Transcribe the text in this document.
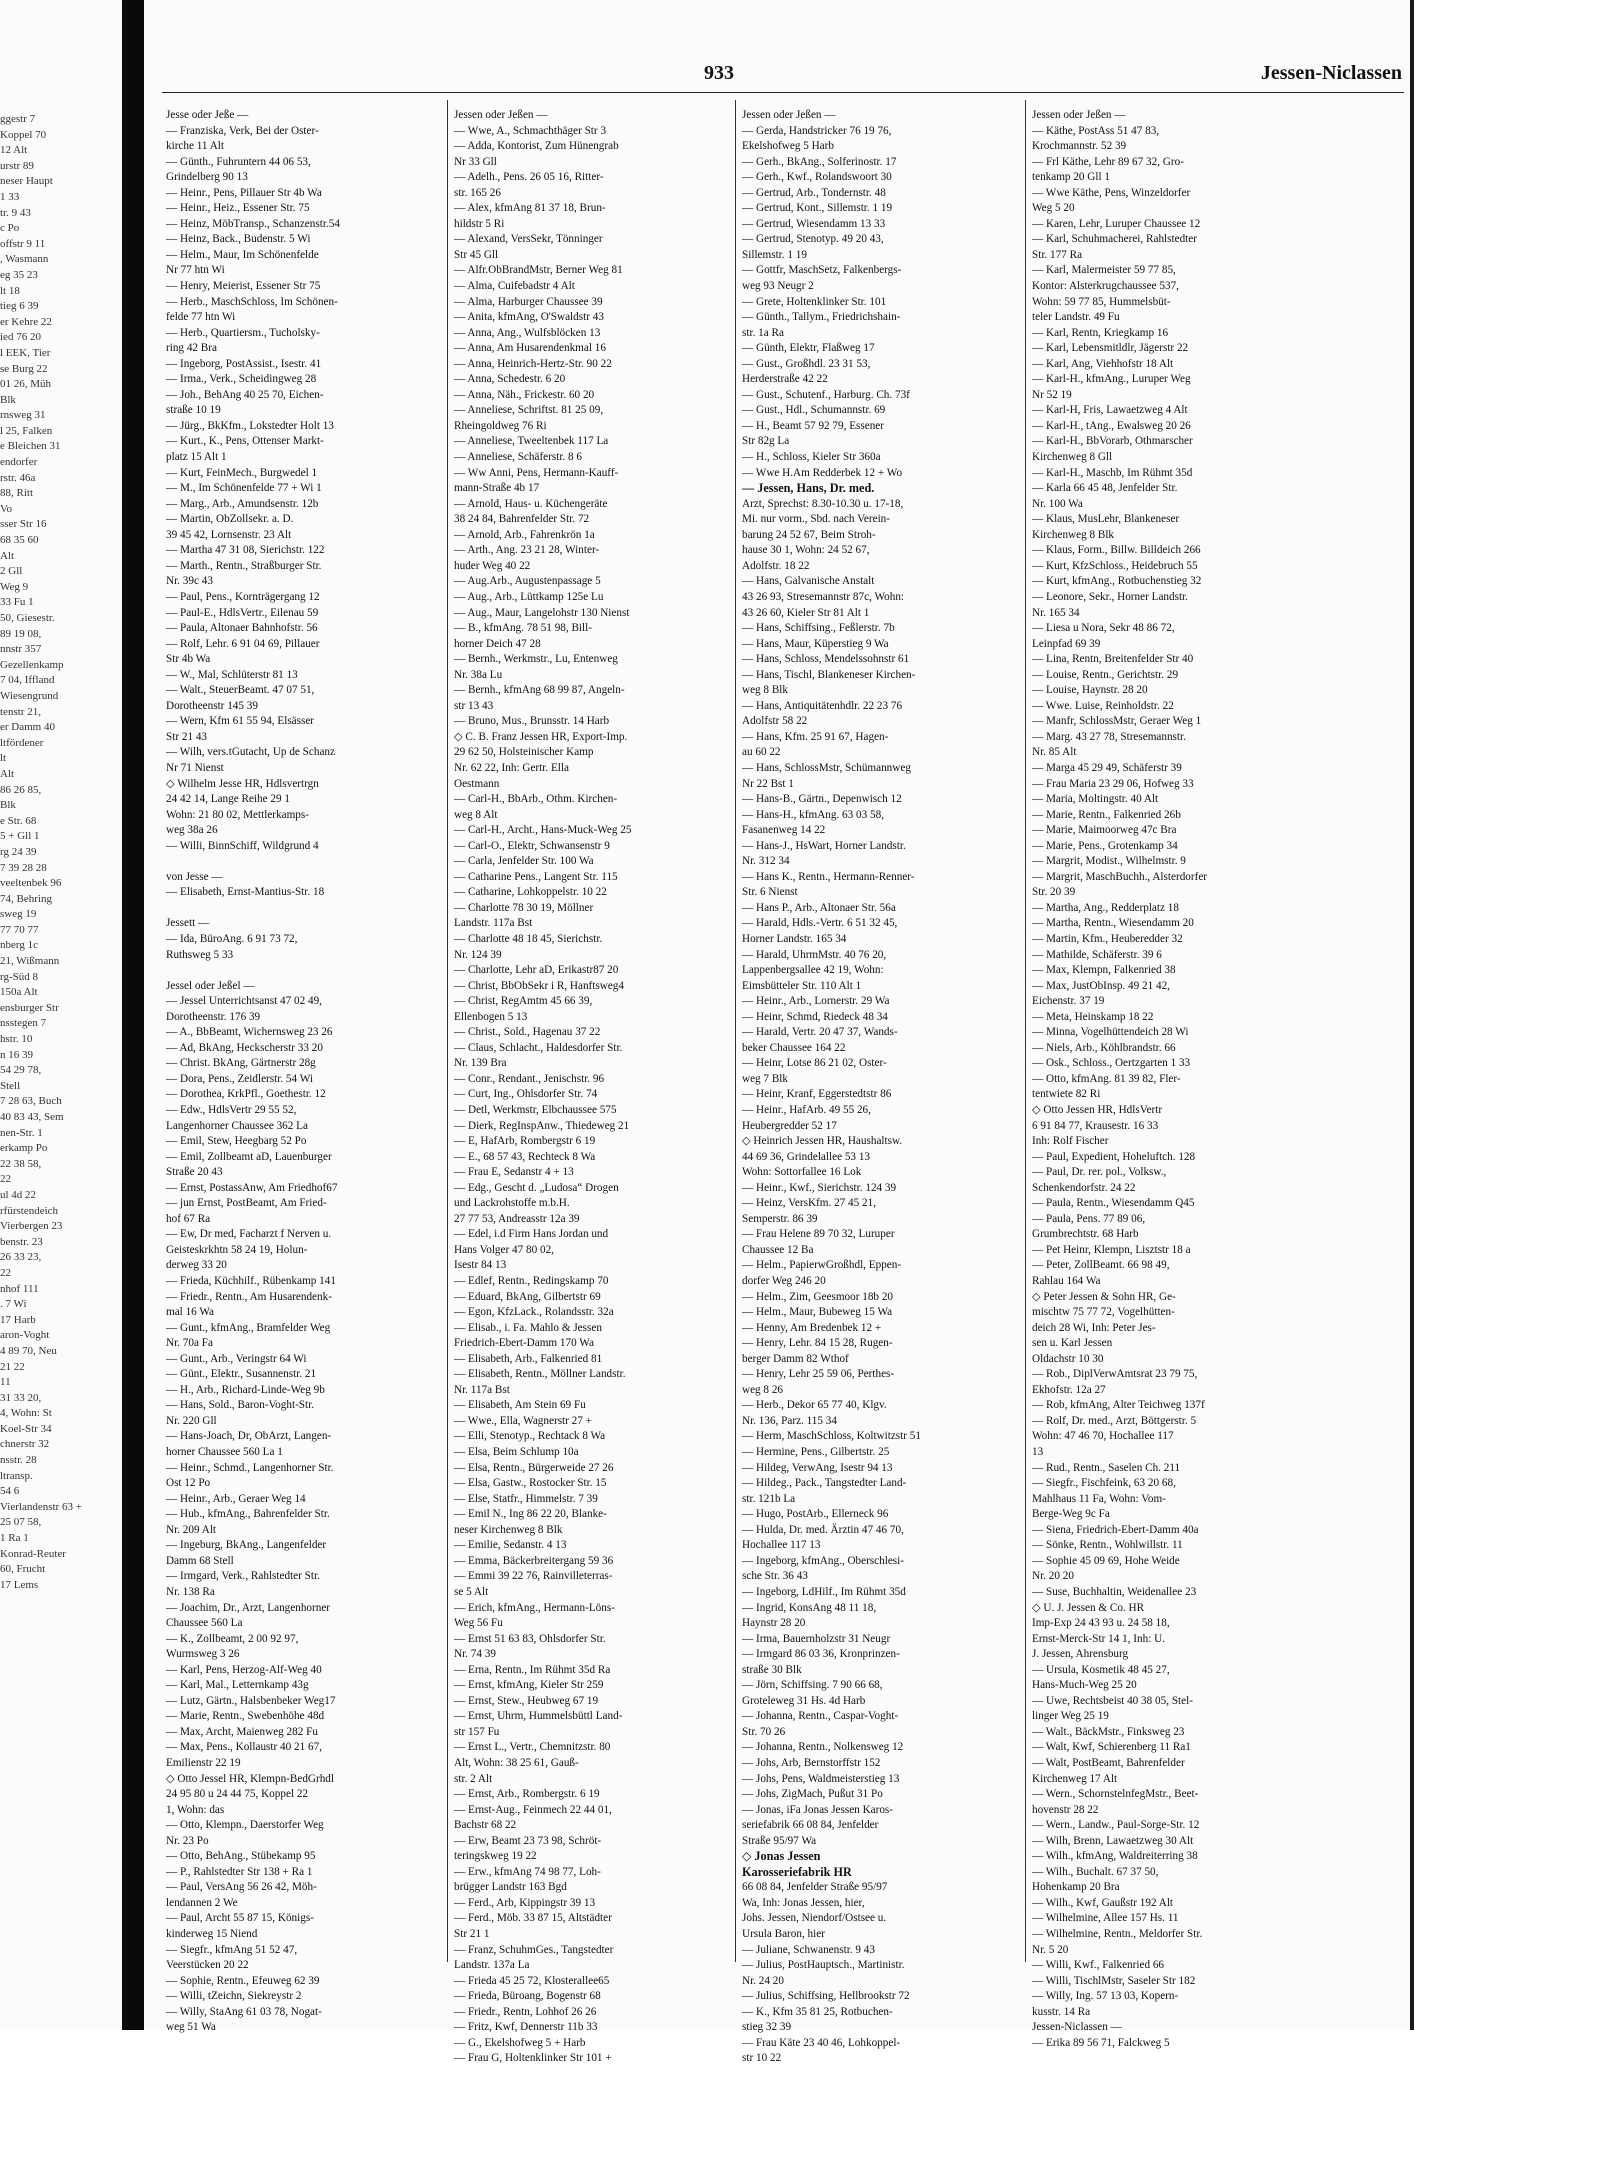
ggestr 7
Koppel 70
12 Alt
urstr 89
neser Haupt
1 33
tr. 9 43
c Po
offstr 9 11
, Wasmann
eg 35 23
lt 18
tieg 6 39
er Kehre 22
ied 76 20
l EEK, Tier
se Burg 22
01 26, Müh
Blk
rnsweg 31
l 25, Falken
e Bleichen 31
endorfer
rstr. 46a
88, Ritt
Vo
sser Str 16
68 35 60
Alt
2 Gll
Weg 9
33 Fu 1
50, Giesestr.
89 19 08,
nnstr 357
Gezellenkamp
7 04, Iffland
Wiesengrund
tenstr 21,
er Damm 40
ltfördener
lt
Alt
86 26 85,
Blk
e Str. 68
5 + Gll 1
rg 24 39
7 39 28 28
veeltenbek 96
74, Behring
sweg 19
77 70 77
nberg 1c
21, Wißmann
rg-Süd 8
150a Alt
ensburger Str
nsstegen 7
hstr. 10
n 16 39
54 29 78,
Stell
7 28 63, Buch
40 83 43, Sem
nen-Str. 1
erkamp Po
22 38 58,
22
ul 4d 22
rfürstendeich
Vierbergen 23
benstr. 23
26 33 23,
22
nhof 111
. 7 Wi
17 Harb
aron-Voght
4 89 70, Neu
21 22
11
31 33 20,
4, Wohn: St
Koel-Str 34
chnerstr 32
nsstr. 28
ltransp.
54 6
Vierlandenstr 63 +
25 07 58,
1 Ra 1
Konrad-Reuter
60, Frucht
17 Lems
933	Jessen-Niclassen
Jesse oder Jeße —
— Franziska, Verk, Bei der Oster-
kirche 11 Alt
— Günth., Fuhruntern 44 06 53,
Grindelberg 90 13
— Heinr., Pens, Pillauer Str 4b Wa
— Heinr., Heiz., Essener Str. 75
— Heinz, MöbTransp., Schanzenstr.54
— Heinz, Back., Budenstr. 5 Wi
— Helm., Maur, Im Schönenfelde
Nr 77 htn Wi
— Henry, Meierist, Essener Str 75
— Herb., MaschSchloss, Im Schönen-
felde 77 htn Wi
— Herb., Quartiersm., Tucholsky-
ring 42 Bra
— Ingeborg, PostAssist., Isestr. 41
— Irma., Verk., Scheidingweg 28
— Joh., BehAng 40 25 70, Eichen-
straße 10 19
— Jürg., BkKfm., Lokstedter Holt 13
— Kurt., K., Pens, Ottenser Markt-
platz 15 Alt 1
— Kurt, FeinMech., Burgwedel 1
— M., Im Schönenfelde 77 + Wi 1
— Marg., Arb., Amundsenstr. 12b
— Martin, ObZollsekr. a. D.
39 45 42, Lornsenstr. 23 Alt
— Martha 47 31 08, Sierichstr. 122
— Marth., Rentn., Straßburger Str.
Nr. 39c 43
— Paul, Pens., Kornträgergang 12
— Paul-E., HdlsVertr., Eilenau 59
— Paula, Altonaer Bahnhofstr. 56
— Rolf, Lehr. 6 91 04 69, Pillauer
Str 4b Wa
— W., Mal, Schlüterstr 81 13
— Walt., SteuerBeamt. 47 07 51,
Dorotheenstr 145 39
— Wern, Kfm 61 55 94, Elsässer
Str 21 43
— Wilh, vers.tGutacht, Up de Schanz
Nr 71 Nienst
◇ Wilhelm Jesse HR, Hdlsvertrgn
24 42 14, Lange Reihe 29 1
Wohn: 21 80 02, Mettlerkamps-
weg 38a 26
— Willi, BinnSchiff, Wildgrund 4
von Jesse —
— Elisabeth, Ernst-Mantius-Str. 18
Jessett —
— Ida, BüroAng. 6 91 73 72,
Ruthsweg 5 33
Jessel oder Jeßel —
— Jessel Unterrichtsanst 47 02 49,
Dorotheenstr. 176 39
— A., BbBeamt, Wichernsweg 23 26
— Ad, BkAng, Heckscherstr 33 20
— Christ. BkAng, Gärtnerstr 28g
— Dora, Pens., Zeidlerstr. 54 Wi
— Dorothea, KrkPfl., Goethestr. 12
— Edw., HdlsVertr 29 55 52,
Langenhorner Chaussee 362 La
— Emil, Stew, Heegbarg 52 Po
— Emil, Zollbeamt aD, Lauenburger
Straße 20 43
— Ernst, PostassAnw, Am Friedhof67
— jun Ernst, PostBeamt, Am Fried-
hof 67 Ra
— Ew, Dr med, Facharzt f Nerven u.
Geisteskrkhtn 58 24 19, Holun-
derweg 33 20
— Frieda, Küchhilf., Rübenkamp 141
— Friedr., Rentn., Am Husarendenk-
mal 16 Wa
— Gunt., kfmAng., Bramfelder Weg
Nr. 70a Fa
— Gunt., Arb., Veringstr 64 Wi
— Günt., Elektr., Susannenstr. 21
— H., Arb., Richard-Linde-Weg 9b
— Hans, Sold., Baron-Voght-Str.
Nr. 220 Gll
— Hans-Joach, Dr, ObArzt, Langen-
horner Chaussee 560 La 1
— Heinr., Schmd., Langenhorner Str.
Ost 12 Po
— Heinr., Arb., Geraer Weg 14
— Hub., kfmAng., Bahrenfelder Str.
Nr. 209 Alt
— Ingeburg, BkAng., Langenfelder
Damm 68 Stell
— Irmgard, Verk., Rahlstedter Str.
Nr. 138 Ra
— Joachim, Dr., Arzt, Langenhorner
Chaussee 560 La
— K., Zollbeamt, 2 00 92 97,
Wurmsweg 3 26
— Karl, Pens, Herzog-Alf-Weg 40
— Karl, Mal., Letternkamp 43g
— Lutz, Gärtn., Halsbenbeker Weg17
— Marie, Rentn., Swebenhöhe 48d
— Max, Archt, Maienweg 282 Fu
— Max, Pens., Kollaustr 40 21 67,
Emilienstr 22 19
◇ Otto Jessel HR, Klempn-BedGrhdl
24 95 80 u 24 44 75, Koppel 22
1, Wohn: das
— Otto, Klempn., Daerstorfer Weg
Nr. 23 Po
— Otto, BehAng., Stübekamp 95
— P., Rahlstedter Str 138 + Ra 1
— Paul, VersAng 56 26 42, Möh-
lendannen 2 We
— Paul, Archt 55 87 15, Königs-
kinderweg 15 Niend
— Siegfr., kfmAng 51 52 47,
Veerstücken 20 22
— Sophie, Rentn., Efeuweg 62 39
— Willi, tZeichn, Siekreystr 2
— Willy, StaAng 61 03 78, Nogat-
weg 51 Wa
Jessen oder Jeßen —
— Wwe, A., Schmachthäger Str 3
— Adda, Kontorist, Zum Hünengrab
Nr 33 Gll
— Adelh., Pens. 26 05 16, Ritter-
str. 165 26
— Alex, kfmAng 81 37 18, Brun-
hildstr 5 Ri
— Alexand, VersSekr, Tönninger
Str 45 Gll
— Alfr.ObBrandMstr, Berner Weg 81
— Alma, Cuifebadstr 4 Alt
— Alma, Harburger Chaussee 39
— Anita, kfmAng, O'Swaldstr 43
— Anna, Ang., Wulfsblöcken 13
— Anna, Am Husarendenkmal 16
— Anna, Heinrich-Hertz-Str. 90 22
— Anna, Schedestr. 6 20
— Anna, Näh., Frickestr. 60 20
— Anneliese, Schriftst. 81 25 09,
Rheingoldweg 76 Ri
— Anneliese, Tweeltenbek 117 La
— Anneliese, Schäferstr. 8 6
— Ww Anni, Pens, Hermann-Kauff-
mann-Straße 4b 17
— Arnold, Haus- u. Küchengeräte
38 24 84, Bahrenfelder Str. 72
— Arnold, Arb., Fahrenkrön 1a
— Arth., Ang. 23 21 28, Winter-
huder Weg 40 22
— Aug.Arb., Augustenpassage 5
— Aug., Arb., Lüttkamp 125e Lu
— Aug., Maur, Langelohstr 130 Nienst
— B., kfmAng. 78 51 98, Bill-
horner Deich 47 28
— Bernh., Werkmstr., Lu, Entenweg
Nr. 38a Lu
— Bernh., kfmAng 68 99 87, Angeln-
str 13 43
— Bruno, Mus., Brunsstr. 14 Harb
◇ C. B. Franz Jessen HR, Export-Imp.
29 62 50, Holsteinischer Kamp
Nr. 62 22, Inh: Gertr. Ella
Oestmann
— Carl-H., BbArb., Othm. Kirchen-
weg 8 Alt
— Carl-H., Archt., Hans-Muck-Weg 25
— Carl-O., Elektr, Schwansenstr 9
— Carla, Jenfelder Str. 100 Wa
— Catharine Pens., Langent Str. 115
— Catharine, Lohkoppelstr. 10 22
— Charlotte 78 30 19, Möllner
Landstr. 117a Bst
— Charlotte 48 18 45, Sierichstr.
Nr. 124 39
— Charlotte, Lehr aD, Erikastr87 20
— Christ, BbObSekr i R, Hanftsweg4
— Christ, RegAmtm 45 66 39,
Ellenbogen 5 13
— Christ., Sold., Hagenau 37 22
— Claus, Schlacht., Haldesdorfer Str.
Nr. 139 Bra
— Conr., Rendant., Jenischstr. 96
— Curt, Ing., Ohlsdorfer Str. 74
— Detl, Werkmstr, Elbchaussee 575
— Dierk, RegInspAnw., Thiedeweg 21
— E, HafArb, Rombergstr 6 19
— E., 68 57 43, Rechteck 8 Wa
— Frau E, Sedanstr 4 + 13
— Edg., Gescht d. „Ludosa“ Drogen
und Lackrohstoffe m.b.H.
27 77 53, Andreasstr 12a 39
— Edel, i.d Firm Hans Jordan und
Hans Volger 47 80 02,
Isestr 84 13
— Edlef, Rentn., Redingskamp 70
— Eduard, BkAng, Gilbertstr 69
— Egon, KfzLack., Rolandsstr. 32a
— Elisab., i. Fa. Mahlo & Jessen
Friedrich-Ebert-Damm 170 Wa
— Elisabeth, Arb., Falkenried 81
— Elisabeth, Rentn., Möllner Landstr.
Nr. 117a Bst
— Elisabeth, Am Stein 69 Fu
— Wwe., Ella, Wagnerstr 27 +
— Elli, Stenotyp., Rechtack 8 Wa
— Elsa, Beim Schlump 10a
— Elsa, Rentn., Bürgerweide 27 26
— Elsa, Gastw., Rostocker Str. 15
— Else, Statfr., Himmelstr. 7 39
— Emil N., Ing 86 22 20, Blanke-
neser Kirchenweg 8 Blk
— Emilie, Sedanstr. 4 13
— Emma, Bäckerbreitergang 59 36
— Emmi 39 22 76, Rainvilleterras-
se 5 Alt
— Erich, kfmAng., Hermann-Löns-
Weg 56 Fu
— Ernst 51 63 83, Ohlsdorfer Str.
Nr. 74 39
— Erna, Rentn., Im Rühmt 35d Ra
— Ernst, kfmAng, Kieler Str 259
— Ernst, Stew., Heubweg 67 19
— Ernst, Uhrm, Hummelsbüttl Land-
str 157 Fu
— Ernst L., Vertr., Chemnitzstr. 80
Alt, Wohn: 38 25 61, Gauß-
str. 2 Alt
— Ernst, Arb., Rombergstr. 6 19
— Ernst-Aug., Feinmech 22 44 01,
Bachstr 68 22
— Erw, Beamt 23 73 98, Schröt-
teringskweg 19 22
— Erw., kfmAng 74 98 77, Loh-
brügger Landstr 163 Bgd
— Ferd., Arb, Kippingstr 39 13
— Ferd., Möb. 33 87 15, Altstädter
Str 21 1
— Franz, SchuhmGes., Tangstedter
Landstr. 137a La
— Frieda 45 25 72, Klosterallee65
— Frieda, Büroang, Bogenstr 68
— Friedr., Rentn, Lohhof 26 26
— Fritz, Kwf, Dennerstr 11b 33
— G., Ekelshofweg 5 + Harb
— Frau G, Holtenklinker Str 101 +
Jessen oder Jeßen —
— Gerda, Handstricker 76 19 76,
Ekelshofweg 5 Harb
— Gerh., BkAng., Solferinostr. 17
— Gerh., Kwf., Rolandswoort 30
— Gertrud, Arb., Tondernstr. 48
— Gertrud, Kont., Sillemstr. 1 19
— Gertrud, Wiesendamm 13 33
— Gertrud, Stenotyp. 49 20 43,
Sillemstr. 1 19
— Gottfr, MaschSetz, Falkenbergs-
weg 93 Neugr 2
— Grete, Holtenklinker Str. 101
— Günth., Tallym., Friedrichshain-
str. 1a Ra
— Günth, Elektr, Flaßweg 17
— Gust., Großhdl. 23 31 53,
Herderstraße 42 22
— Gust., Schutenf., Harburg. Ch. 73f
— Gust., Hdl., Schumannstr. 69
— H., Beamt 57 92 79, Essener
Str 82g La
— H., Schloss, Kieler Str 360a
— Wwe H.Am Redderbek 12 + Wo
— Jessen, Hans, Dr. med.
Arzt, Sprechst: 8.30-10.30 u. 17-18,
Mi. nur vorm., Sbd. nach Verein-
barung 24 52 67, Beim Stroh-
hause 30 1, Wohn: 24 52 67,
Adolfstr. 18 22
— Hans, Galvanische Anstalt
43 26 93, Stresemannstr 87c, Wohn:
43 26 60, Kieler Str 81 Alt 1
— Hans, Schiffsing., Feßlerstr. 7b
— Hans, Maur, Küperstieg 9 Wa
— Hans, Schloss, Mendelssohnstr 61
— Hans, Tischl, Blankeneser Kirchen-
weg 8 Blk
— Hans, Antiquitätenhdlr. 22 23 76
Adolfstr 58 22
— Hans, Kfm. 25 91 67, Hagen-
au 60 22
— Hans, SchlossMstr, Schümannweg
Nr 22 Bst 1
— Hans-B., Gärtn., Depenwisch 12
— Hans-H., kfmAng. 63 03 58,
Fasanenweg 14 22
— Hans-J., HsWart, Horner Landstr.
Nr. 312 34
— Hans K., Rentn., Hermann-Renner-
Str. 6 Nienst
— Hans P., Arb., Altonaer Str. 56a
— Harald, Hdls.-Vertr. 6 51 32 45,
Horner Landstr. 165 34
— Harald, UhrmMstr. 40 76 20,
Lappenbergsallee 42 19, Wohn:
Eimsbütteler Str. 110 Alt 1
— Heinr., Arb., Lornerstr. 29 Wa
— Heinr, Schmd, Riedeck 48 34
— Harald, Vertr. 20 47 37, Wands-
beker Chaussee 164 22
— Heinr, Lotse 86 21 02, Oster-
weg 7 Blk
— Heinr, Kranf, Eggerstedtstr 86
— Heinr., HafArb. 49 55 26,
Heubergredder 52 17
◇ Heinrich Jessen HR, Haushaltsw.
44 69 36, Grindelallee 53 13
Wohn: Sottorfallee 16 Lok
— Heinr., Kwf., Sierichstr. 124 39
— Heinz, VersKfm. 27 45 21,
Semperstr. 86 39
— Frau Helene 89 70 32, Luruper
Chaussee 12 Ba
— Helm., PapierwGroßhdl, Eppen-
dorfer Weg 246 20
— Helm., Zim, Geesmoor 18b 20
— Helm., Maur, Bubeweg 15 Wa
— Henny, Am Bredenbek 12 +
— Henry, Lehr. 84 15 28, Rugen-
berger Damm 82 Wthof
— Henry, Lehr 25 59 06, Perthes-
weg 8 26
— Herb., Dekor 65 77 40, Klgv.
Nr. 136, Parz. 115 34
— Herm, MaschSchloss, Koltwitzstr 51
— Hermine, Pens., Gilbertstr. 25
— Hildeg, VerwAng, Isestr 94 13
— Hildeg., Pack., Tangstedter Land-
str. 121b La
— Hugo, PostArb., Ellerneck 96
— Hulda, Dr. med. Ärztin 47 46 70,
Hochallee 117 13
— Ingeborg, kfmAng., Oberschlesi-
sche Str. 36 43
— Ingeborg, LdHilf., Im Rühmt 35d
— Ingrid, KonsAng 48 11 18,
Haynstr 28 20
— Irma, Bauernholzstr 31 Neugr
— Irmgard 86 03 36, Kronprinzen-
straße 30 Blk
— Jörn, Schiffsing. 7 90 66 68,
Groteleweg 31 Hs. 4d Harb
— Johanna, Rentn., Caspar-Voght-
Str. 70 26
— Johanna, Rentn., Nolkensweg 12
— Johs, Arb, Bernstorffstr 152
— Johs, Pens, Waldmeisterstieg 13
— Johs, ZigMach, Pußut 31 Po
— Jonas, iFa Jonas Jessen Karos-
seriefabrik 66 08 84, Jenfelder
Straße 95/97 Wa
◇ Jonas Jessen
Karosseriefabrik HR
66 08 84, Jenfelder Straße 95/97
Wa, Inh: Jonas Jessen, hier,
Johs. Jessen, Niendorf/Ostsee u.
Ursula Baron, hier
— Juliane, Schwanenstr. 9 43
— Julius, PostHauptsch., Martinistr.
Nr. 24 20
— Julius, Schiffsing, Hellbrookstr 72
— K., Kfm 35 81 25, Rotbuchen-
stieg 32 39
— Frau Käte 23 40 46, Lohkoppel-
str 10 22
Jessen oder Jeßen —
— Käthe, PostAss 51 47 83,
Krochmannstr. 52 39
— Frl Käthe, Lehr 89 67 32, Gro-
tenkamp 20 Gll 1
— Wwe Käthe, Pens, Winzeldorfer
Weg 5 20
— Karen, Lehr, Luruper Chaussee 12
— Karl, Schuhmacherei, Rahlstedter
Str. 177 Ra
— Karl, Malermeister 59 77 85,
Kontor: Alsterkrugchaussee 537,
Wohn: 59 77 85, Hummelsbüt-
teler Landstr. 49 Fu
— Karl, Rentn, Kriegkamp 16
— Karl, Lebensmitldlr, Jägerstr 22
— Karl, Ang, Viehhofstr 18 Alt
— Karl-H., kfmAng., Luruper Weg
Nr 52 19
— Karl-H, Fris, Lawaetzweg 4 Alt
— Karl-H., tAng., Ewalsweg 20 26
— Karl-H., BbVorarb, Othmarscher
Kirchenweg 8 Gll
— Karl-H., Maschb, Im Rühmt 35d
— Karla 66 45 48, Jenfelder Str.
Nr. 100 Wa
— Klaus, MusLehr, Blankeneser
Kirchenweg 8 Blk
— Klaus, Form., Billw. Billdeich 266
— Kurt, KfzSchloss., Heidebruch 55
— Kurt, kfmAng., Rotbuchenstieg 32
— Leonore, Sekr., Horner Landstr.
Nr. 165 34
— Liesa u Nora, Sekr 48 86 72,
Leinpfad 69 39
— Lina, Rentn, Breitenfelder Str 40
— Louise, Rentn., Gerichtstr. 29
— Louise, Haynstr. 28 20
— Wwe. Luise, Reinholdstr. 22
— Manfr, SchlossMstr, Geraer Weg 1
— Marg. 43 27 78, Stresemannstr.
Nr. 85 Alt
— Marga 45 29 49, Schäferstr 39
— Frau Maria 23 29 06, Hofweg 33
— Maria, Moltingstr. 40 Alt
— Marie, Rentn., Falkenried 26b
— Marie, Maimoorweg 47c Bra
— Marie, Pens., Grotenkamp 34
— Margrit, Modist., Wilhelmstr. 9
— Margrit, MaschBuchh., Alsterdorfer
Str. 20 39
— Martha, Ang., Redderplatz 18
— Martha, Rentn., Wiesendamm 20
— Martin, Kfm., Heuberedder 32
— Mathilde, Schäferstr. 39 6
— Max, Klempn, Falkenried 38
— Max, JustObInsp. 49 21 42,
Eichenstr. 37 19
— Meta, Heinskamp 18 22
— Minna, Vogelhüttendeich 28 Wi
— Niels, Arb., Köhlbrandstr. 66
— Osk., Schloss., Oertzgarten 1 33
— Otto, kfmAng. 81 39 82, Fler-
tentwiete 82 Ri
◇ Otto Jessen HR, HdlsVertr
6 91 84 77, Krausestr. 16 33
Inh: Rolf Fischer
— Paul, Expedient, Hoheluftch. 128
— Paul, Dr. rer. pol., Volksw.,
Schenkendorfstr. 24 22
— Paula, Rentn., Wiesendamm Q45
— Paula, Pens. 77 89 06,
Grumbrechtstr. 68 Harb
— Pet Heinr, Klempn, Lisztstr 18 a
— Peter, ZollBeamt. 66 98 49,
Rahlau 164 Wa
◇ Peter Jessen & Sohn HR, Ge-
mischtw 75 77 72, Vogelhütten-
deich 28 Wi, Inh: Peter Jes-
sen u. Karl Jessen
Oldachstr 10 30
— Rob., DiplVerwAmtsrat 23 79 75,
Ekhofstr. 12a 27
— Rob, kfmAng, Alter Teichweg 137f
— Rolf, Dr. med., Arzt, Böttgerstr. 5
Wohn: 47 46 70, Hochallee 117
13
— Rud., Rentn., Saselen Ch. 211
— Siegfr., Fischfeink, 63 20 68,
Mahlhaus 11 Fa, Wohn: Vom-
Berge-Weg 9c Fa
— Siena, Friedrich-Ebert-Damm 40a
— Sönke, Rentn., Wohlwillstr. 11
— Sophie 45 09 69, Hohe Weide
Nr. 20 20
— Suse, Buchhaltin, Weidenallee 23
◇ U. J. Jessen & Co. HR
Imp-Exp 24 43 93 u. 24 58 18,
Ernst-Merck-Str 14 1, Inh: U.
J. Jessen, Ahrensburg
— Ursula, Kosmetik 48 45 27,
Hans-Much-Weg 25 20
— Uwe, Rechtsbeist 40 38 05, Stel-
linger Weg 25 19
— Walt., BäckMstr., Finksweg 23
— Walt, Kwf, Schierenberg 11 Ra1
— Walt, PostBeamt, Bahrenfelder
Kirchenweg 17 Alt
— Wern., SchornstelnfegMstr., Beet-
hovenstr 28 22
— Wern., Landw., Paul-Sorge-Str. 12
— Wilh, Brenn, Lawaetzweg 30 Alt
— Wilh., kfmAng, Waldreiterring 38
— Wilh., Buchalt. 67 37 50,
Hohenkamp 20 Bra
— Wilh., Kwf, Gaußstr 192 Alt
— Wilhelmine, Allee 157 Hs. 11
— Wilhelmine, Rentn., Meldorfer Str.
Nr. 5 20
— Willi, Kwf., Falkenried 66
— Willi, TischlMstr, Saseler Str 182
— Willy, Ing. 57 13 03, Kopern-
kusstr. 14 Ra
Jessen-Niclassen —
— Erika 89 56 71, Falckweg 5
